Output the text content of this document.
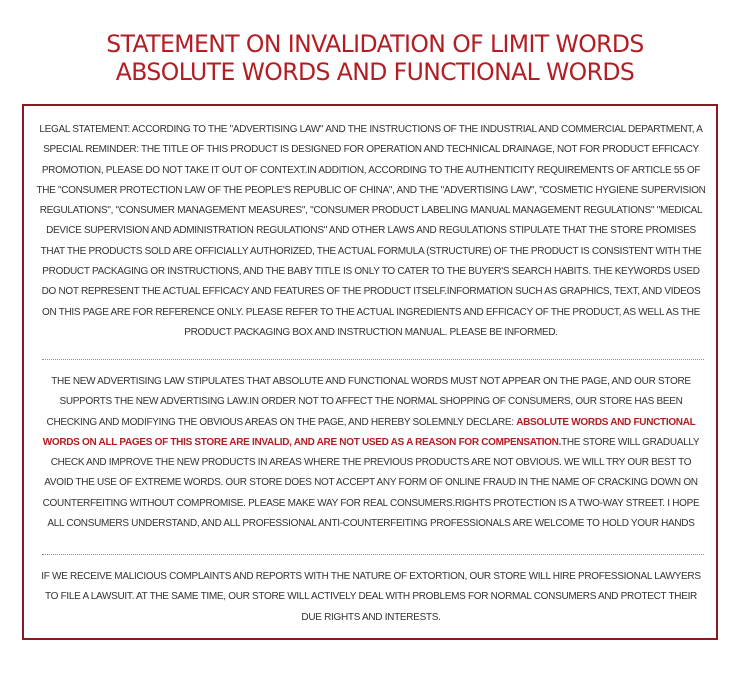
STATEMENT ON INVALIDATION OF LIMIT WORDS
ABSOLUTE WORDS AND FUNCTIONAL WORDS
LEGAL STATEMENT: ACCORDING TO THE "ADVERTISING LAW" AND THE INSTRUCTIONS OF THE INDUSTRIAL AND COMMERCIAL DEPARTMENT, A SPECIAL REMINDER: THE TITLE OF THIS PRODUCT IS DESIGNED FOR OPERATION AND TECHNICAL DRAINAGE, NOT FOR PRODUCT EFFICACY PROMOTION, PLEASE DO NOT TAKE IT OUT OF CONTEXT.IN ADDITION, ACCORDING TO THE AUTHENTICITY REQUIREMENTS OF ARTICLE 55 OF THE "CONSUMER PROTECTION LAW OF THE PEOPLE'S REPUBLIC OF CHINA", AND THE "ADVERTISING LAW", "COSMETIC HYGIENE SUPERVISION REGULATIONS", "CONSUMER MANAGEMENT MEASURES", "CONSUMER PRODUCT LABELING MANUAL MANAGEMENT REGULATIONS" "MEDICAL DEVICE SUPERVISION AND ADMINISTRATION REGULATIONS" AND OTHER LAWS AND REGULATIONS STIPULATE THAT THE STORE PROMISES THAT THE PRODUCTS SOLD ARE OFFICIALLY AUTHORIZED, THE ACTUAL FORMULA (STRUCTURE) OF THE PRODUCT IS CONSISTENT WITH THE PRODUCT PACKAGING OR INSTRUCTIONS, AND THE BABY TITLE IS ONLY TO CATER TO THE BUYER'S SEARCH HABITS. THE KEYWORDS USED DO NOT REPRESENT THE ACTUAL EFFICACY AND FEATURES OF THE PRODUCT ITSELF.INFORMATION SUCH AS GRAPHICS, TEXT, AND VIDEOS ON THIS PAGE ARE FOR REFERENCE ONLY. PLEASE REFER TO THE ACTUAL INGREDIENTS AND EFFICACY OF THE PRODUCT, AS WELL AS THE PRODUCT PACKAGING BOX AND INSTRUCTION MANUAL. PLEASE BE INFORMED.
THE NEW ADVERTISING LAW STIPULATES THAT ABSOLUTE AND FUNCTIONAL WORDS MUST NOT APPEAR ON THE PAGE, AND OUR STORE SUPPORTS THE NEW ADVERTISING LAW.IN ORDER NOT TO AFFECT THE NORMAL SHOPPING OF CONSUMERS, OUR STORE HAS BEEN CHECKING AND MODIFYING THE OBVIOUS AREAS ON THE PAGE, AND HEREBY SOLEMNLY DECLARE: ABSOLUTE WORDS AND FUNCTIONAL WORDS ON ALL PAGES OF THIS STORE ARE INVALID, AND ARE NOT USED AS A REASON FOR COMPENSATION.THE STORE WILL GRADUALLY CHECK AND IMPROVE THE NEW PRODUCTS IN AREAS WHERE THE PREVIOUS PRODUCTS ARE NOT OBVIOUS. WE WILL TRY OUR BEST TO AVOID THE USE OF EXTREME WORDS. OUR STORE DOES NOT ACCEPT ANY FORM OF ONLINE FRAUD IN THE NAME OF CRACKING DOWN ON COUNTERFEITING WITHOUT COMPROMISE. PLEASE MAKE WAY FOR REAL CONSUMERS.RIGHTS PROTECTION IS A TWO-WAY STREET. I HOPE ALL CONSUMERS UNDERSTAND, AND ALL PROFESSIONAL ANTI-COUNTERFEITING PROFESSIONALS ARE WELCOME TO HOLD YOUR HANDS
IF WE RECEIVE MALICIOUS COMPLAINTS AND REPORTS WITH THE NATURE OF EXTORTION, OUR STORE WILL HIRE PROFESSIONAL LAWYERS TO FILE A LAWSUIT. AT THE SAME TIME, OUR STORE WILL ACTIVELY DEAL WITH PROBLEMS FOR NORMAL CONSUMERS AND PROTECT THEIR DUE RIGHTS AND INTERESTS.
